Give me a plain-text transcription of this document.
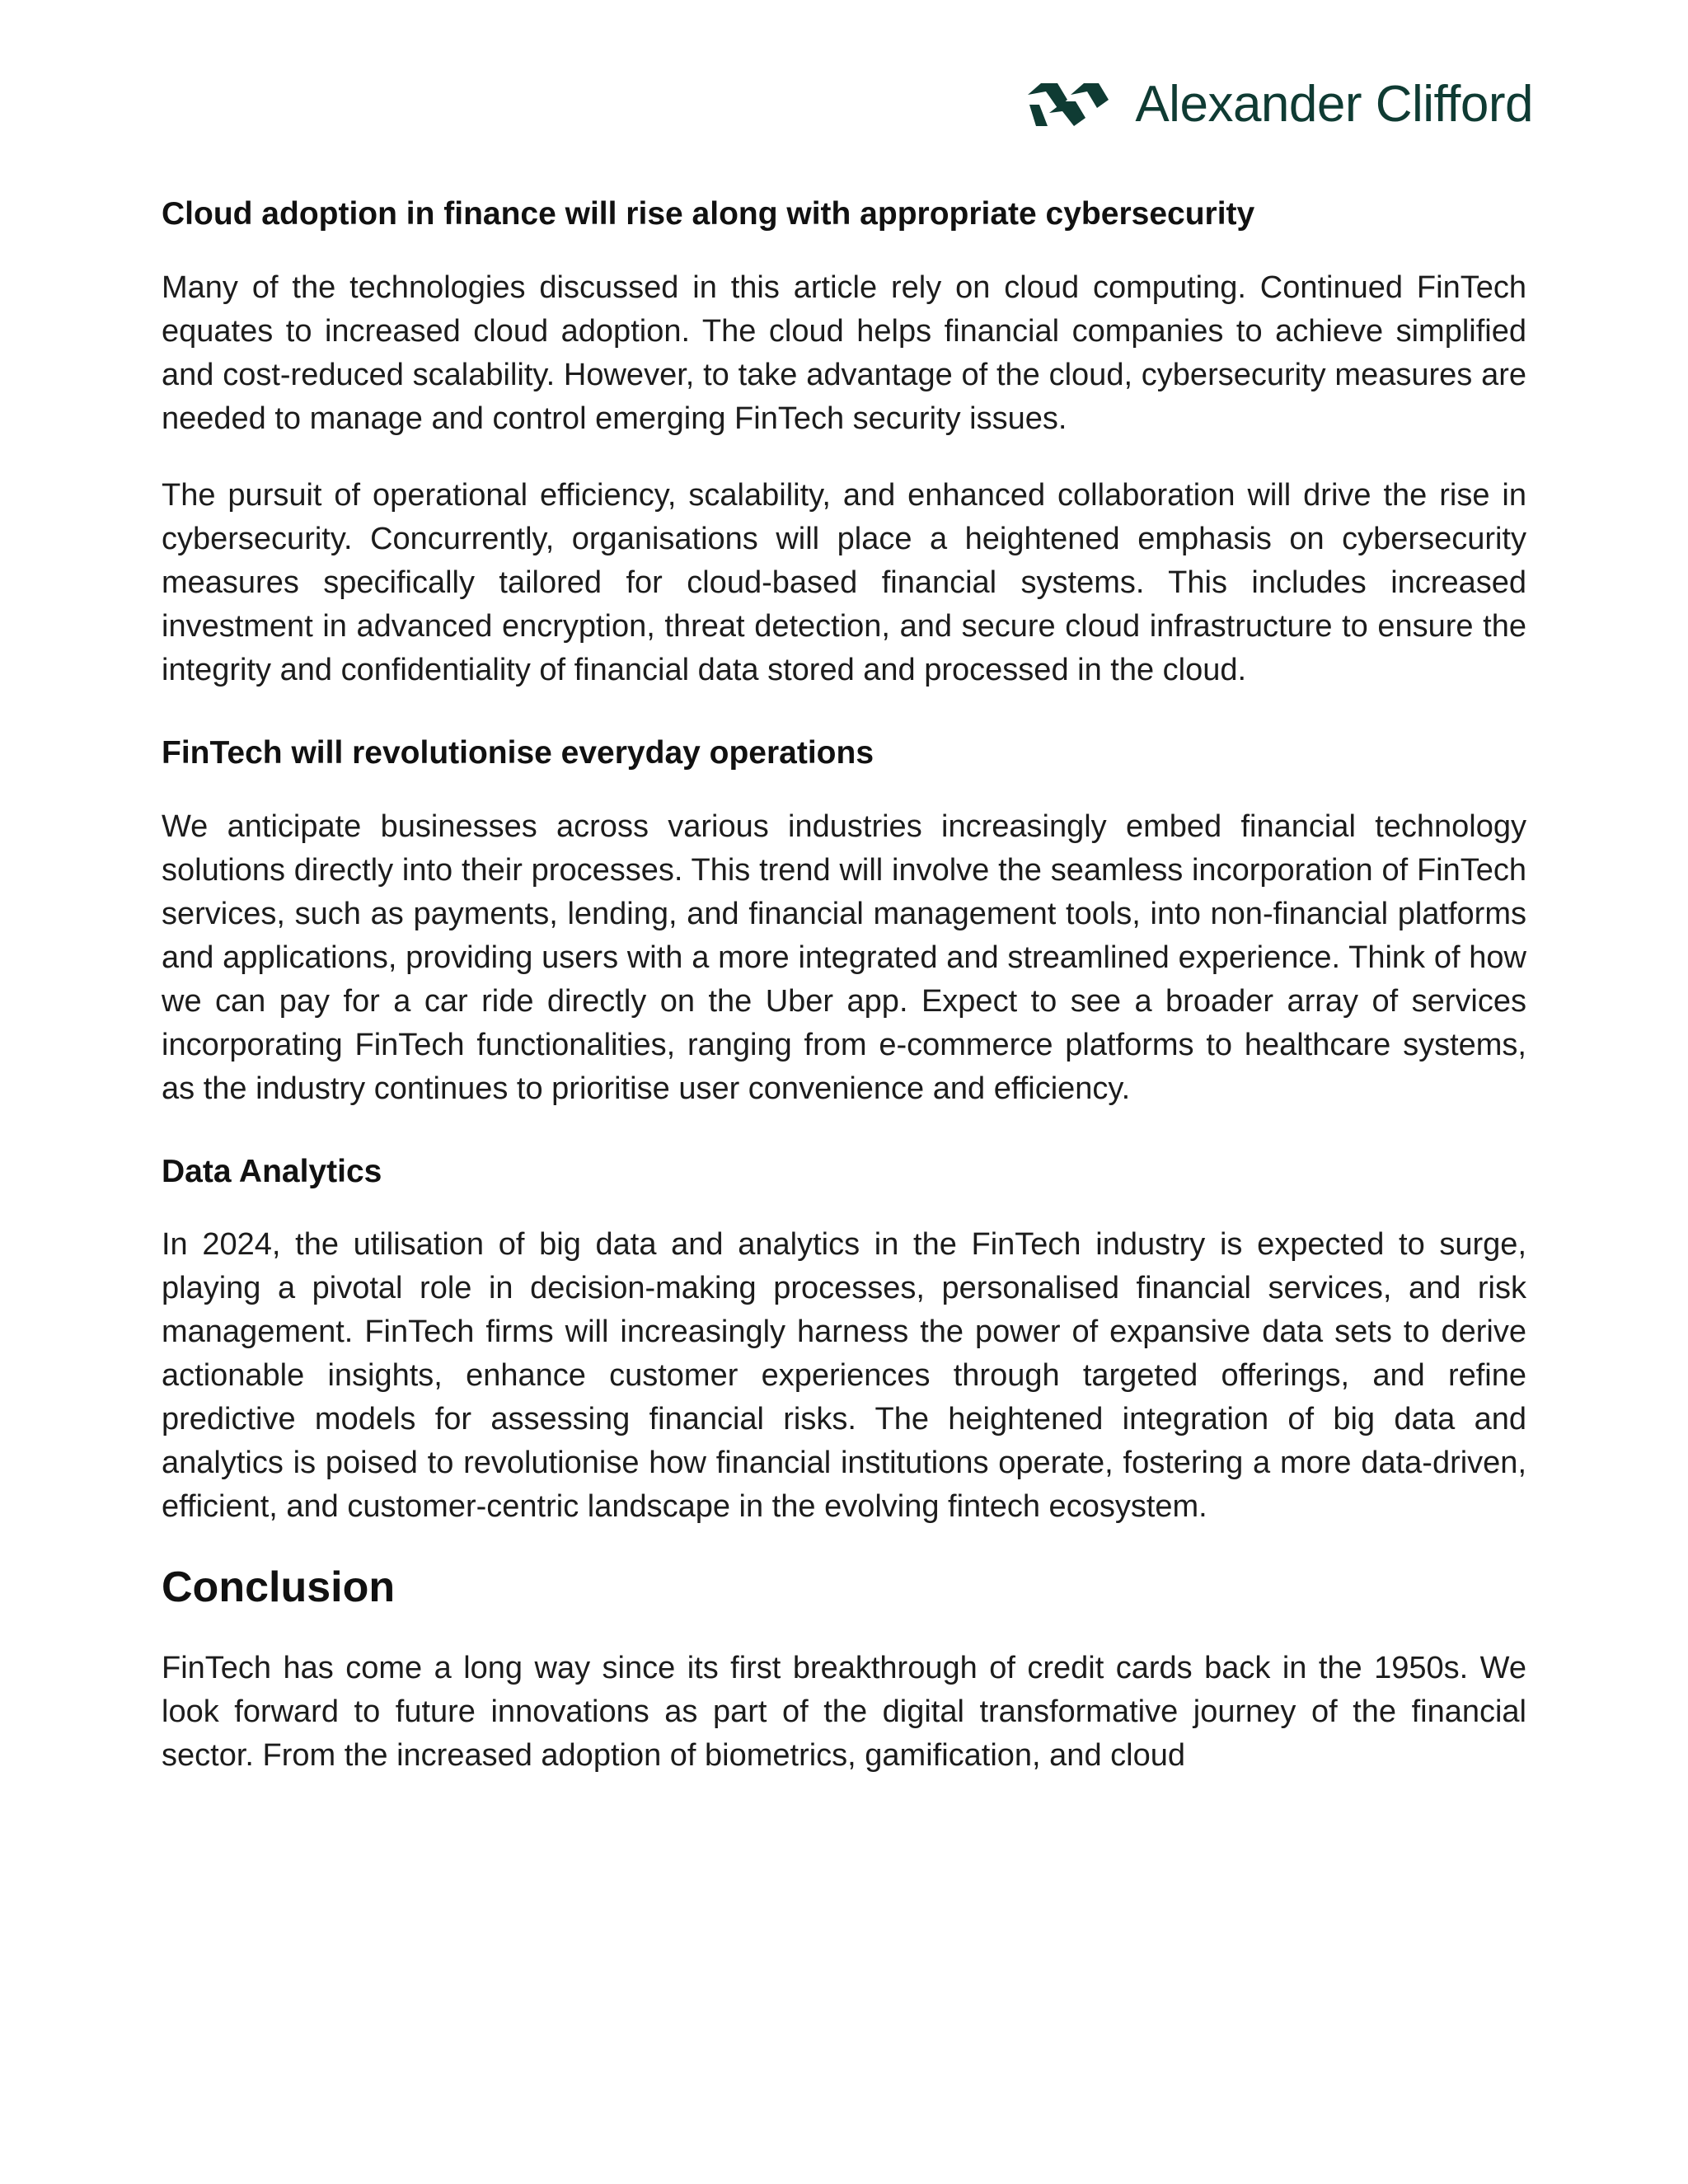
Alexander Clifford
Cloud adoption in finance will rise along with appropriate cybersecurity

Many of the technologies discussed in this article rely on cloud computing. Continued FinTech equates to increased cloud adoption. The cloud helps financial companies to achieve simplified and cost-reduced scalability. However, to take advantage of the cloud, cybersecurity measures are needed to manage and control emerging FinTech security issues.

The pursuit of operational efficiency, scalability, and enhanced collaboration will drive the rise in cybersecurity. Concurrently, organisations will place a heightened emphasis on cybersecurity measures specifically tailored for cloud-based financial systems. This includes increased investment in advanced encryption, threat detection, and secure cloud infrastructure to ensure the integrity and confidentiality of financial data stored and processed in the cloud.

FinTech will revolutionise everyday operations

We anticipate businesses across various industries increasingly embed financial technology solutions directly into their processes. This trend will involve the seamless incorporation of FinTech services, such as payments, lending, and financial management tools, into non-financial platforms and applications, providing users with a more integrated and streamlined experience. Think of how we can pay for a car ride directly on the Uber app. Expect to see a broader array of services incorporating FinTech functionalities, ranging from e-commerce platforms to healthcare systems, as the industry continues to prioritise user convenience and efficiency.

Data Analytics

In 2024, the utilisation of big data and analytics in the FinTech industry is expected to surge, playing a pivotal role in decision-making processes, personalised financial services, and risk management. FinTech firms will increasingly harness the power of expansive data sets to derive actionable insights, enhance customer experiences through targeted offerings, and refine predictive models for assessing financial risks. The heightened integration of big data and analytics is poised to revolutionise how financial institutions operate, fostering a more data-driven, efficient, and customer-centric landscape in the evolving fintech ecosystem.

Conclusion

FinTech has come a long way since its first breakthrough of credit cards back in the 1950s. We look forward to future innovations as part of the digital transformative journey of the financial sector. From the increased adoption of biometrics, gamification, and cloud
